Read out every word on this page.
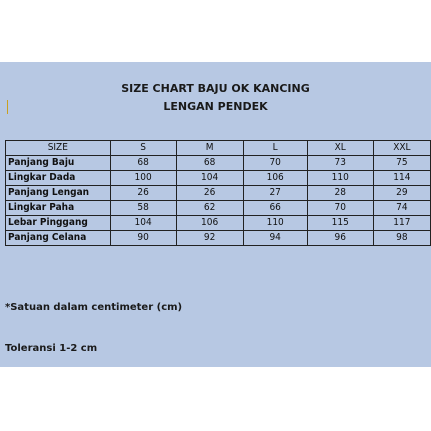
SIZE CHART BAJU OK KANCING
LENGAN PENDEK
SIZE	S	M	L	XL	XXL
Panjang Baju	68	68	70	73	75
Lingkar Dada	100	104	106	110	114
Panjang Lengan	26	26	27	28	29
Lingkar Paha	58	62	66	70	74
Lebar Pinggang	104	106	110	115	117
Panjang Celana	90	92	94	96	98
*Satuan dalam centimeter (cm)
Toleransi 1-2 cm
